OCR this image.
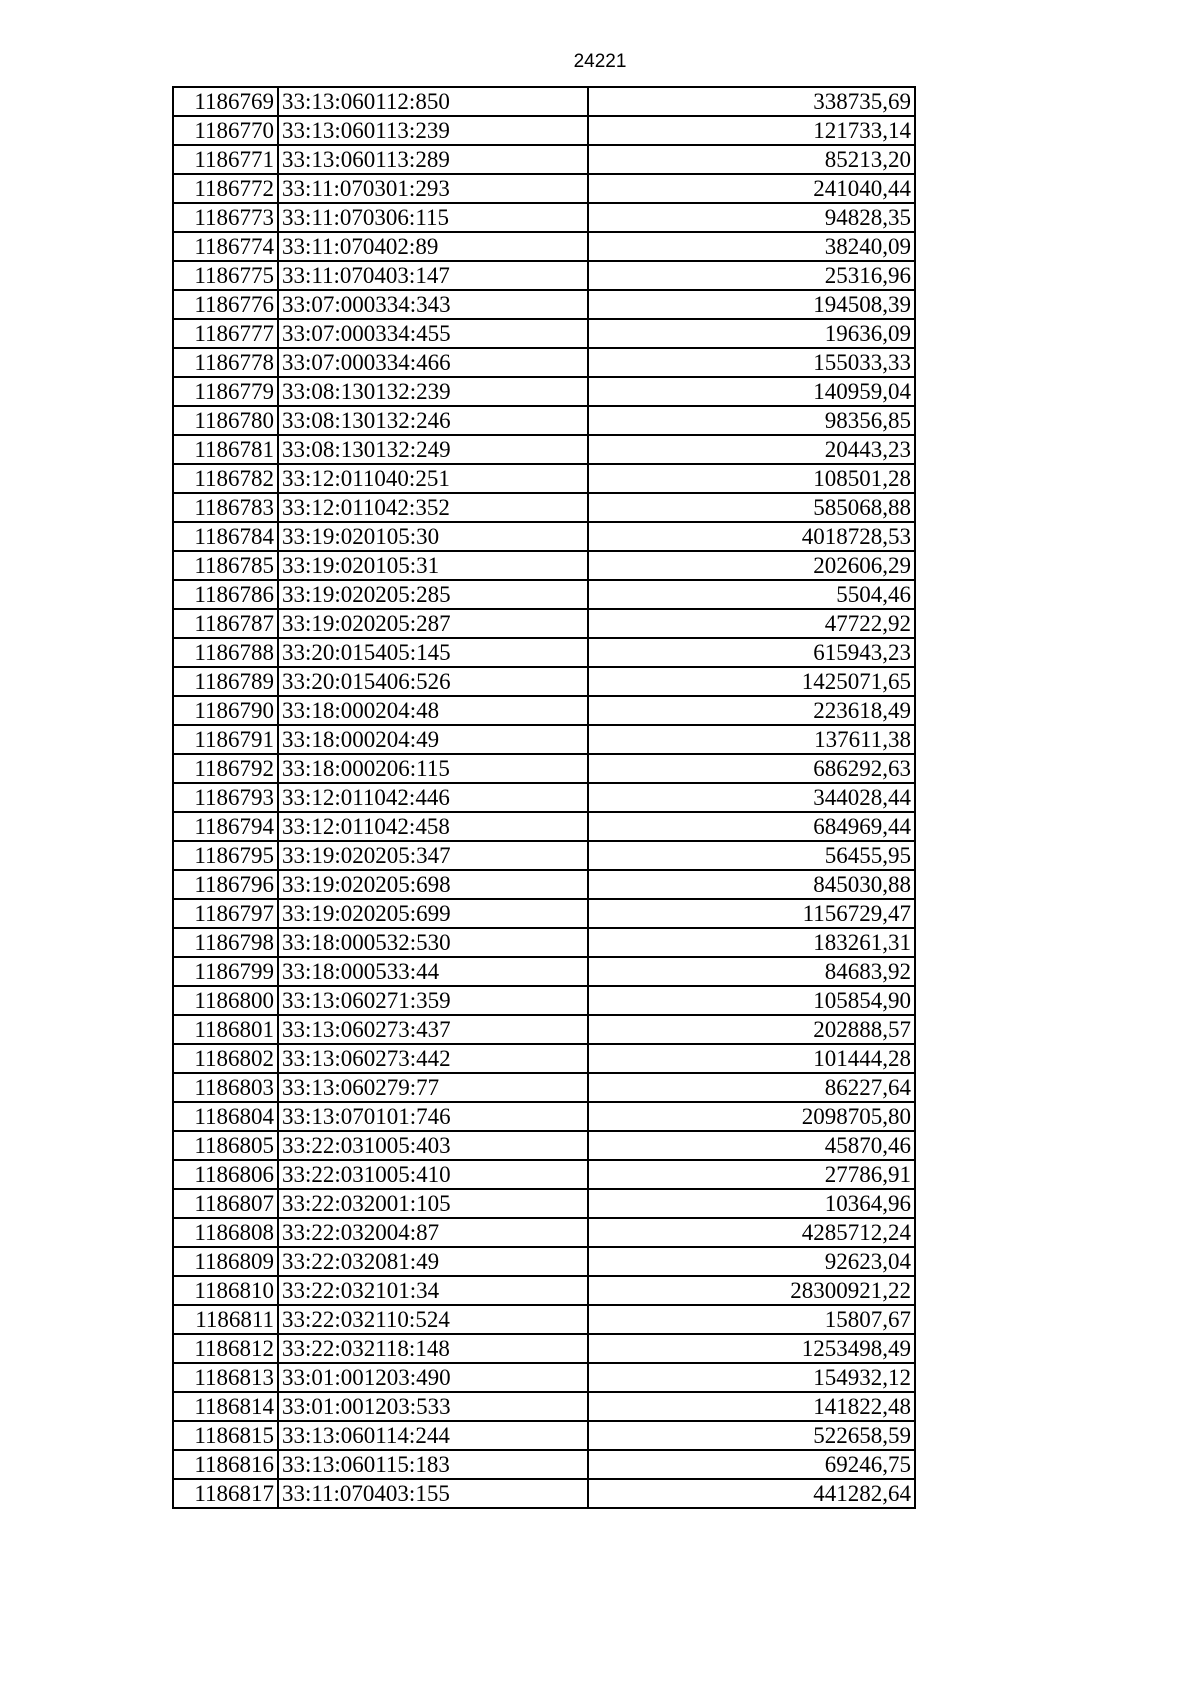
24221
1186769	33:13:060112:850	338735,69
1186770	33:13:060113:239	121733,14
1186771	33:13:060113:289	85213,20
1186772	33:11:070301:293	241040,44
1186773	33:11:070306:115	94828,35
1186774	33:11:070402:89	38240,09
1186775	33:11:070403:147	25316,96
1186776	33:07:000334:343	194508,39
1186777	33:07:000334:455	19636,09
1186778	33:07:000334:466	155033,33
1186779	33:08:130132:239	140959,04
1186780	33:08:130132:246	98356,85
1186781	33:08:130132:249	20443,23
1186782	33:12:011040:251	108501,28
1186783	33:12:011042:352	585068,88
1186784	33:19:020105:30	4018728,53
1186785	33:19:020105:31	202606,29
1186786	33:19:020205:285	5504,46
1186787	33:19:020205:287	47722,92
1186788	33:20:015405:145	615943,23
1186789	33:20:015406:526	1425071,65
1186790	33:18:000204:48	223618,49
1186791	33:18:000204:49	137611,38
1186792	33:18:000206:115	686292,63
1186793	33:12:011042:446	344028,44
1186794	33:12:011042:458	684969,44
1186795	33:19:020205:347	56455,95
1186796	33:19:020205:698	845030,88
1186797	33:19:020205:699	1156729,47
1186798	33:18:000532:530	183261,31
1186799	33:18:000533:44	84683,92
1186800	33:13:060271:359	105854,90
1186801	33:13:060273:437	202888,57
1186802	33:13:060273:442	101444,28
1186803	33:13:060279:77	86227,64
1186804	33:13:070101:746	2098705,80
1186805	33:22:031005:403	45870,46
1186806	33:22:031005:410	27786,91
1186807	33:22:032001:105	10364,96
1186808	33:22:032004:87	4285712,24
1186809	33:22:032081:49	92623,04
1186810	33:22:032101:34	28300921,22
1186811	33:22:032110:524	15807,67
1186812	33:22:032118:148	1253498,49
1186813	33:01:001203:490	154932,12
1186814	33:01:001203:533	141822,48
1186815	33:13:060114:244	522658,59
1186816	33:13:060115:183	69246,75
1186817	33:11:070403:155	441282,64
